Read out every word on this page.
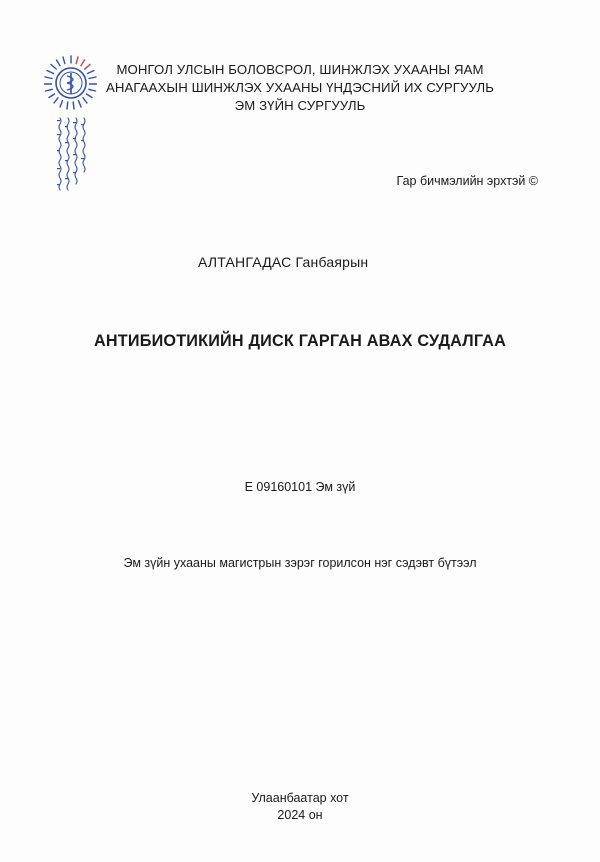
МОНГОЛ УЛСЫН БОЛОВСРОЛ, ШИНЖЛЭХ УХААНЫ ЯАМ
АНАГААХЫН ШИНЖЛЭХ УХААНЫ ҮНДЭСНИЙ ИХ СУРГУУЛЬ
ЭМ ЗҮЙН СУРГУУЛЬ
Гар бичмэлийн эрхтэй ©
АЛТАНГАДАС Ганбаярын
АНТИБИОТИКИЙН ДИСК ГАРГАН АВАХ СУДАЛГАА
E 09160101 Эм зүй
Эм зүйн ухааны магистрын зэрэг горилсон нэг сэдэвт бүтээл
Улаанбаатар хот
2024 он
